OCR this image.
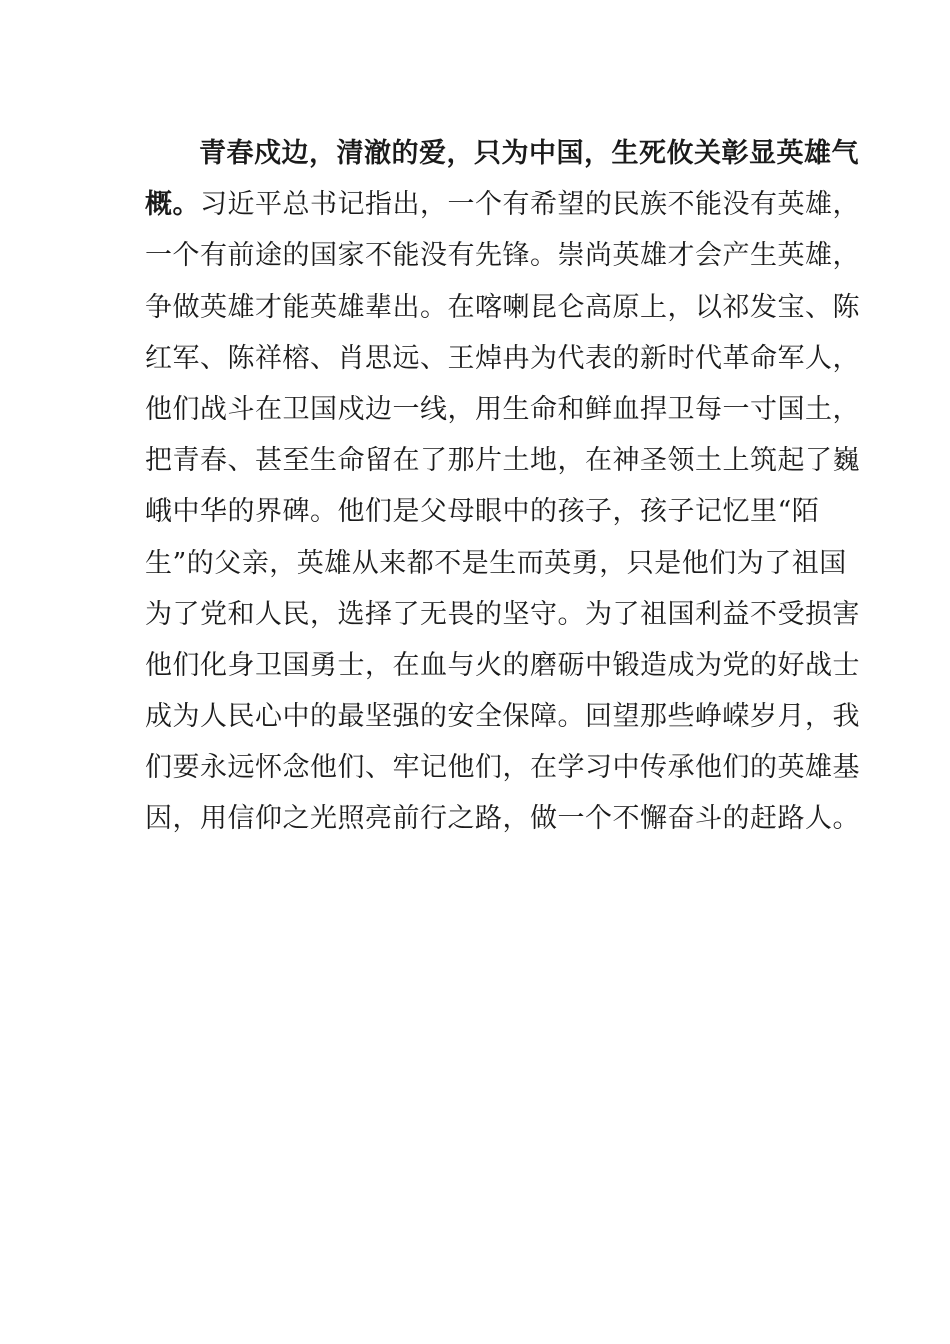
青春戍边，清澈的爱，只为中国，生死攸关彰显英雄气
概。习近平总书记指出，一个有希望的民族不能没有英雄，
一个有前途的国家不能没有先锋。崇尚英雄才会产生英雄，
争做英雄才能英雄辈出。在喀喇昆仑高原上，以祁发宝、陈
红军、陈祥榕、肖思远、王焯冉为代表的新时代革命军人，
他们战斗在卫国戍边一线，用生命和鲜血捍卫每一寸国土，
把青春、甚至生命留在了那片土地，在神圣领土上筑起了巍
峨中华的界碑。他们是父母眼中的孩子，孩子记忆里“陌
生”的父亲，英雄从来都不是生而英勇，只是他们为了祖国
为了党和人民，选择了无畏的坚守。为了祖国利益不受损害
他们化身卫国勇士，在血与火的磨砺中锻造成为党的好战士
成为人民心中的最坚强的安全保障。回望那些峥嵘岁月，我
们要永远怀念他们、牢记他们，在学习中传承他们的英雄基
因，用信仰之光照亮前行之路，做一个不懈奋斗的赶路人。
